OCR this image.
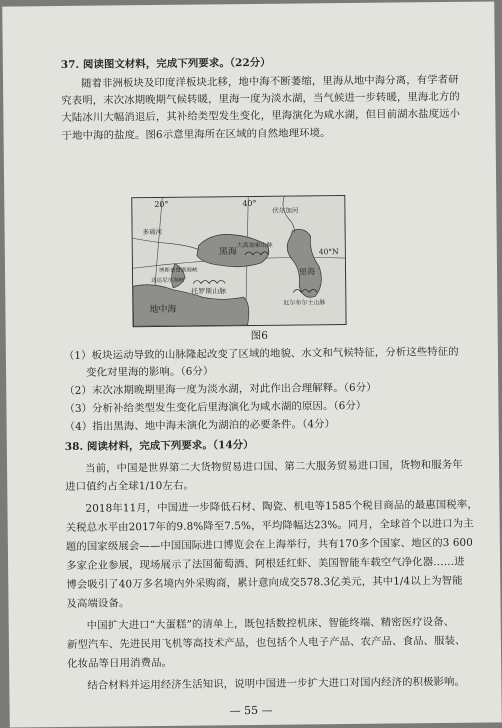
37. 阅读图文材料，完成下列要求。（22分）
随着非洲板块及印度洋板块北移，地中海不断萎缩，里海从地中海分离，有学者研
究表明，末次冰期晚期气候转暖，里海一度为淡水湖，当气候进一步转暖，里海北方的
大陆冰川大幅消退后，其补给类型发生变化，里海演化为咸水湖，但目前湖水盐度远小
于地中海的盐度。图6示意里海所在区域的自然地理环境。
20°	40°
40°N
黑海
里海
地中海
多瑙河
伏尔加河
博斯普鲁斯海峡
达达尼尔海峡
托罗斯山脉
大高加索山脉
厄尔布尔士山脉
图6
（1）板块运动导致的山脉隆起改变了区域的地貌、水文和气候特征，分析这些特征的
变化对里海的影响。（6分）
（2）末次冰期晚期里海一度为淡水湖，对此作出合理解释。（6分）
（3）分析补给类型发生变化后里海演化为咸水湖的原因。（6分）
（4）指出黑海、地中海未演化为湖泊的必要条件。（4分）
38. 阅读材料，完成下列要求。（14分）
当前，中国是世界第二大货物贸易进口国、第二大服务贸易进口国，货物和服务年
进口值约占全球1/10左右。
2018年11月，中国进一步降低石材、陶瓷、机电等1585个税目商品的最惠国税率，
关税总水平由2017年的9.8%降至7.5%，平均降幅达23%。同月，全球首个以进口为主
题的国家级展会——中国国际进口博览会在上海举行，共有170多个国家、地区的3 600
多家企业参展，现场展示了法国葡萄酒、阿根廷红虾、美国智能车载空气净化器……进
博会吸引了40万多名境内外采购商，累计意向成交578.3亿美元，其中1/4以上为智能
及高端设备。
中国扩大进口“大蛋糕”的清单上，既包括数控机床、智能终端、精密医疗设备、
新型汽车、先进民用飞机等高技术产品，也包括个人电子产品、农产品、食品、服装、
化妆品等日用消费品。
结合材料并运用经济生活知识，说明中国进一步扩大进口对国内经济的积极影响。
— 55 —
